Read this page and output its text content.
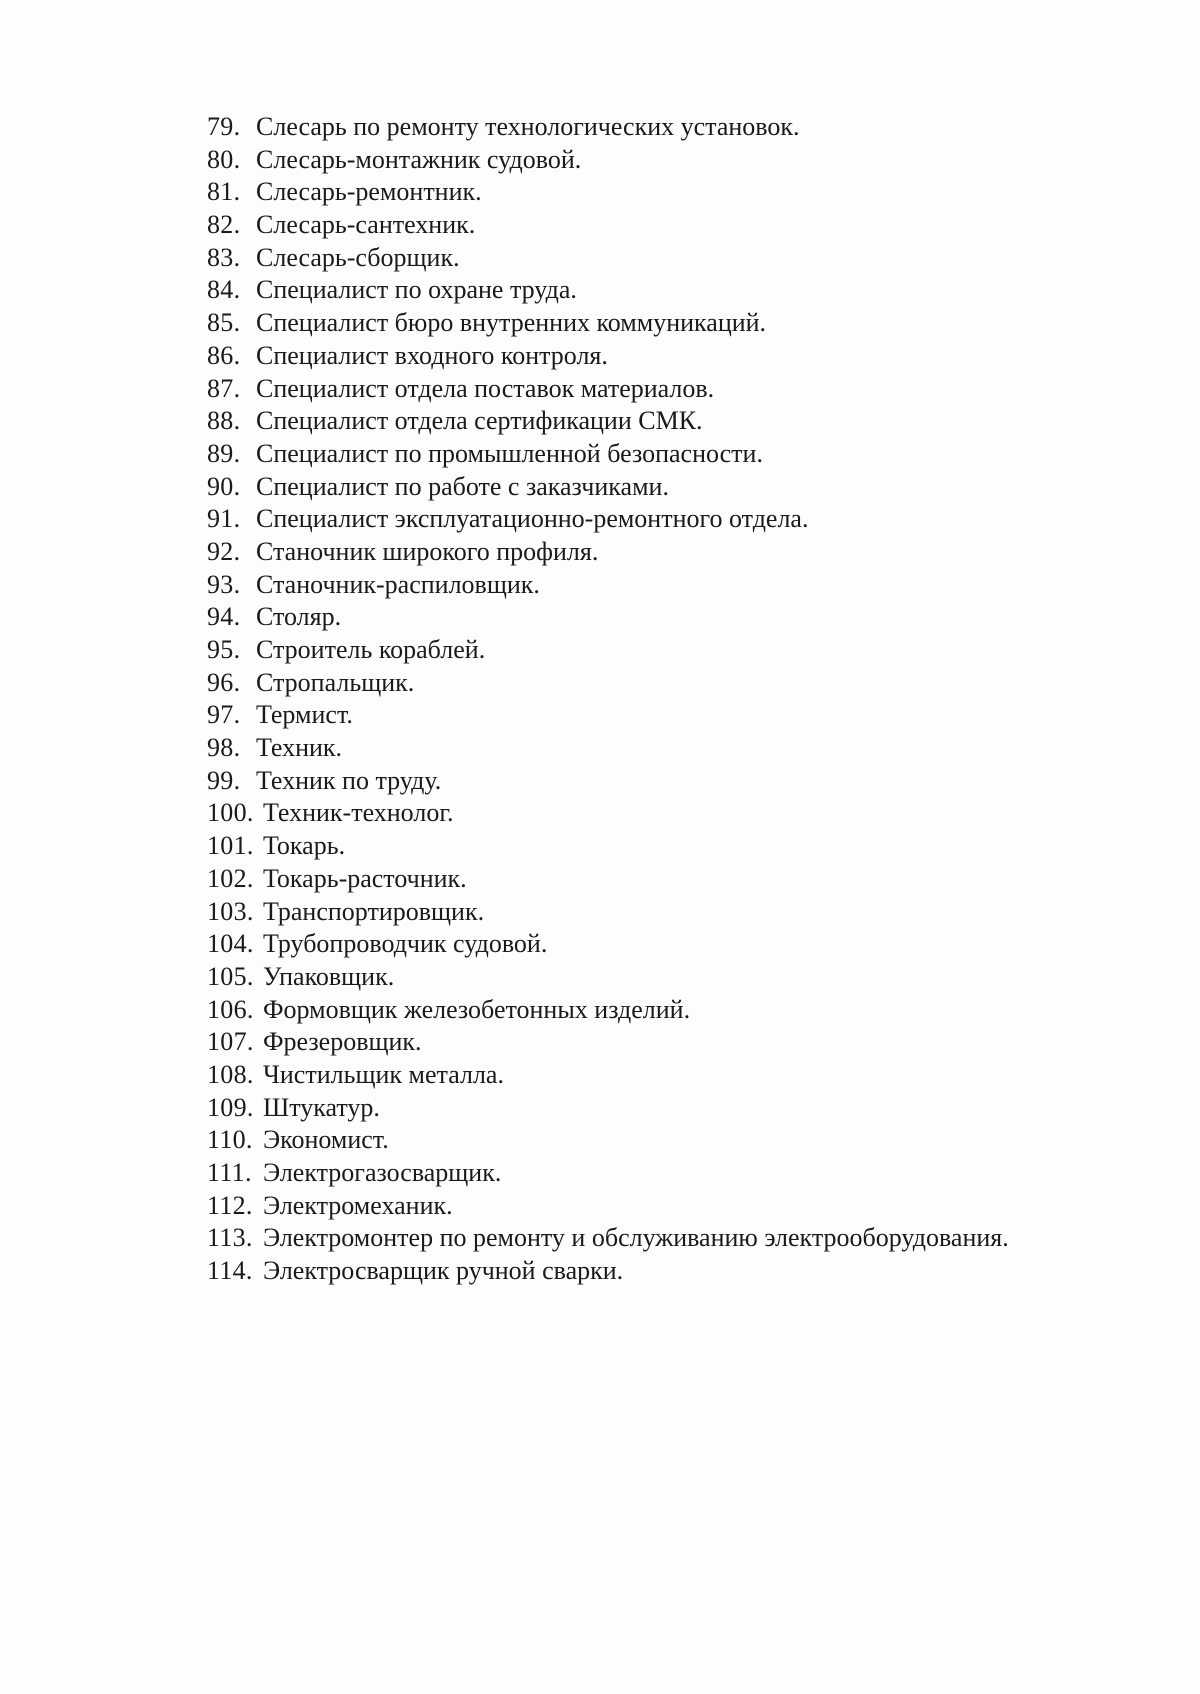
79. Слесарь по ремонту технологических установок.
80. Слесарь-монтажник судовой.
81. Слесарь-ремонтник.
82. Слесарь-сантехник.
83. Слесарь-сборщик.
84. Специалист по охране труда.
85. Специалист бюро внутренних коммуникаций.
86. Специалист входного контроля.
87. Специалист отдела поставок материалов.
88. Специалист отдела сертификации СМК.
89. Специалист по промышленной безопасности.
90. Специалист по работе с заказчиками.
91. Специалист эксплуатационно-ремонтного отдела.
92. Станочник широкого профиля.
93. Станочник-распиловщик.
94. Столяр.
95. Строитель кораблей.
96. Стропальщик.
97. Термист.
98. Техник.
99. Техник по труду.
100. Техник-технолог.
101. Токарь.
102. Токарь-расточник.
103. Транспортировщик.
104. Трубопроводчик судовой.
105. Упаковщик.
106. Формовщик железобетонных изделий.
107. Фрезеровщик.
108. Чистильщик металла.
109. Штукатур.
110. Экономист.
111. Электрогазосварщик.
112. Электромеханик.
113. Электромонтер по ремонту и обслуживанию электрооборудования.
114. Электросварщик ручной сварки.
